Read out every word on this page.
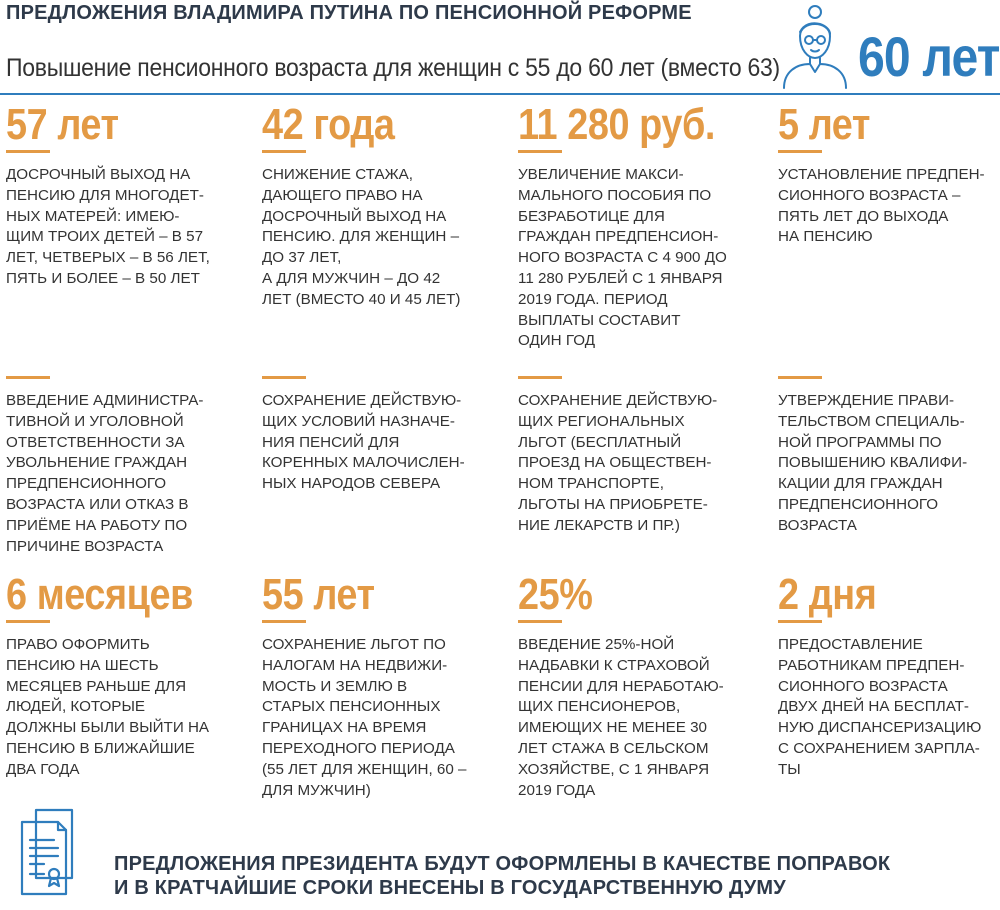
ПРЕДЛОЖЕНИЯ ВЛАДИМИРА ПУТИНА ПО ПЕНСИОННОЙ РЕФОРМЕ
Повышение пенсионного возраста для женщин с 55 до 60 лет (вместо 63) 60 лет
57 лет
ДОСРОЧНЫЙ ВЫХОД НА
ПЕНСИЮ ДЛЯ МНОГОДЕТ-
НЫХ МАТЕРЕЙ: ИМЕЮ-
ЩИМ ТРОИХ ДЕТЕЙ – В 57
ЛЕТ, ЧЕТВЕРЫХ – В 56 ЛЕТ,
ПЯТЬ И БОЛЕЕ – В 50 ЛЕТ
42 года
СНИЖЕНИЕ СТАЖА,
ДАЮЩЕГО ПРАВО НА
ДОСРОЧНЫЙ ВЫХОД НА
ПЕНСИЮ. ДЛЯ ЖЕНЩИН –
ДО 37 ЛЕТ,
А ДЛЯ МУЖЧИН – ДО 42
ЛЕТ (ВМЕСТО 40 И 45 ЛЕТ)
11 280 руб.
УВЕЛИЧЕНИЕ МАКСИ-
МАЛЬНОГО ПОСОБИЯ ПО
БЕЗРАБОТИЦЕ ДЛЯ
ГРАЖДАН ПРЕДПЕНСИОН-
НОГО ВОЗРАСТА С 4 900 ДО
11 280 РУБЛЕЙ С 1 ЯНВАРЯ
2019 ГОДА. ПЕРИОД
ВЫПЛАТЫ СОСТАВИТ
ОДИН ГОД
5 лет
УСТАНОВЛЕНИЕ ПРЕДПЕН-
СИОННОГО ВОЗРАСТА –
ПЯТЬ ЛЕТ ДО ВЫХОДА
НА ПЕНСИЮ
ВВЕДЕНИЕ АДМИНИСТРА-
ТИВНОЙ И УГОЛОВНОЙ
ОТВЕТСТВЕННОСТИ ЗА
УВОЛЬНЕНИЕ ГРАЖДАН
ПРЕДПЕНСИОННОГО
ВОЗРАСТА ИЛИ ОТКАЗ В
ПРИЁМЕ НА РАБОТУ ПО
ПРИЧИНЕ ВОЗРАСТА
СОХРАНЕНИЕ ДЕЙСТВУЮ-
ЩИХ УСЛОВИЙ НАЗНАЧЕ-
НИЯ ПЕНСИЙ ДЛЯ
КОРЕННЫХ МАЛОЧИСЛЕН-
НЫХ НАРОДОВ СЕВЕРА
СОХРАНЕНИЕ ДЕЙСТВУЮ-
ЩИХ РЕГИОНАЛЬНЫХ
ЛЬГОТ (БЕСПЛАТНЫЙ
ПРОЕЗД НА ОБЩЕСТВЕН-
НОМ ТРАНСПОРТЕ,
ЛЬГОТЫ НА ПРИОБРЕТЕ-
НИЕ ЛЕКАРСТВ И ПР.)
УТВЕРЖДЕНИЕ ПРАВИ-
ТЕЛЬСТВОМ СПЕЦИАЛЬ-
НОЙ ПРОГРАММЫ ПО
ПОВЫШЕНИЮ КВАЛИФИ-
КАЦИИ ДЛЯ ГРАЖДАН
ПРЕДПЕНСИОННОГО
ВОЗРАСТА
6 месяцев
ПРАВО ОФОРМИТЬ
ПЕНСИЮ НА ШЕСТЬ
МЕСЯЦЕВ РАНЬШЕ ДЛЯ
ЛЮДЕЙ, КОТОРЫЕ
ДОЛЖНЫ БЫЛИ ВЫЙТИ НА
ПЕНСИЮ В БЛИЖАЙШИЕ
ДВА ГОДА
55 лет
СОХРАНЕНИЕ ЛЬГОТ ПО
НАЛОГАМ НА НЕДВИЖИ-
МОСТЬ И ЗЕМЛЮ В
СТАРЫХ ПЕНСИОННЫХ
ГРАНИЦАХ НА ВРЕМЯ
ПЕРЕХОДНОГО ПЕРИОДА
(55 ЛЕТ ДЛЯ ЖЕНЩИН, 60 –
ДЛЯ МУЖЧИН)
25%
ВВЕДЕНИЕ 25%-НОЙ
НАДБАВКИ К СТРАХОВОЙ
ПЕНСИИ ДЛЯ НЕРАБОТАЮ-
ЩИХ ПЕНСИОНЕРОВ,
ИМЕЮЩИХ НЕ МЕНЕЕ 30
ЛЕТ СТАЖА В СЕЛЬСКОМ
ХОЗЯЙСТВЕ, С 1 ЯНВАРЯ
2019 ГОДА
2 дня
ПРЕДОСТАВЛЕНИЕ
РАБОТНИКАМ ПРЕДПЕН-
СИОННОГО ВОЗРАСТА
ДВУХ ДНЕЙ НА БЕСПЛАТ-
НУЮ ДИСПАНСЕРИЗАЦИЮ
С СОХРАНЕНИЕМ ЗАРПЛА-
ТЫ
ПРЕДЛОЖЕНИЯ ПРЕЗИДЕНТА БУДУТ ОФОРМЛЕНЫ В КАЧЕСТВЕ ПОПРАВОК
И В КРАТЧАЙШИЕ СРОКИ ВНЕСЕНЫ В ГОСУДАРСТВЕННУЮ ДУМУ
